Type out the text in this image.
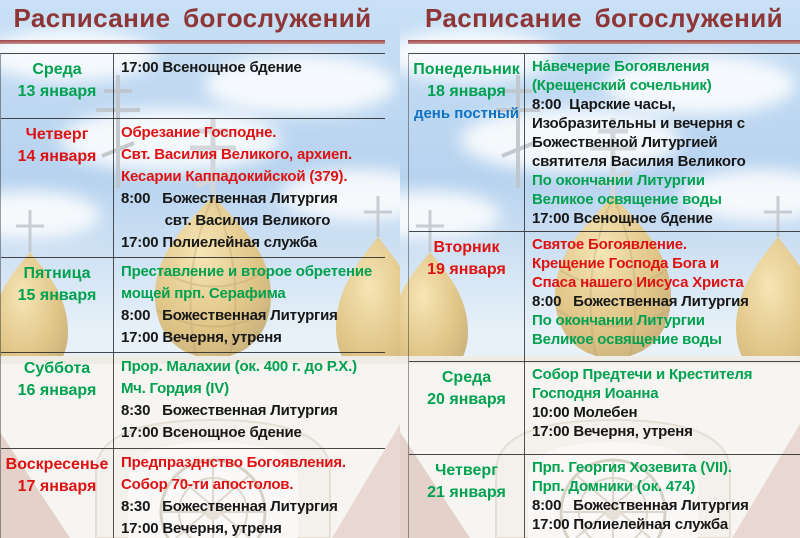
Расписание богослужений
Среда
13 января
17:00 Всенощное бдение
Четверг
14 января
Обрезание Господне.
Свт. Василия Великого, архиеп.
Кесарии Каппадокийской (379).
8:00   Божественная Литургия
свт. Василия Великого
17:00 Полиелейная служба
Пятница
15 января
Преставление и второе обретение
мощей прп. Серафима
8:00   Божественная Литургия
17:00 Вечерня, утреня
Суббота
16 января
Прор. Малахии (ок. 400 г. до Р.Х.)
Мч. Гордия (IV)
8:30   Божественная Литургия
17:00 Всенощное бдение
Воскресенье
17 января
Предпразднство Богоявления.
Собор 70-ти апостолов.
8:30   Божественная Литургия
17:00 Вечерня, утреня
Расписание богослужений
Понедельник
18 января
день постный
На́вечерие Богоявления
(Крещенский сочельник)
8:00  Царские часы,
Изобразительны и вечерня с
Божественной Литургией
святителя Василия Великого
По окончании Литургии
Великое освящение воды
17:00 Всенощное бдение
Вторник
19 января
Святое Богоявление.
Крещение Господа Бога и
Спаса нашего Иисуса Христа
8:00   Божественная Литургия
По окончании Литургии
Великое освящение воды
Среда
20 января
Собор Предтечи и Крестителя
Господня Иоанна
10:00 Молебен
17:00 Вечерня, утреня
Четверг
21 января
Прп. Георгия Хозевита (VII).
Прп. Домники (ок. 474)
8:00   Божественная Литургия
17:00 Полиелейная служба
